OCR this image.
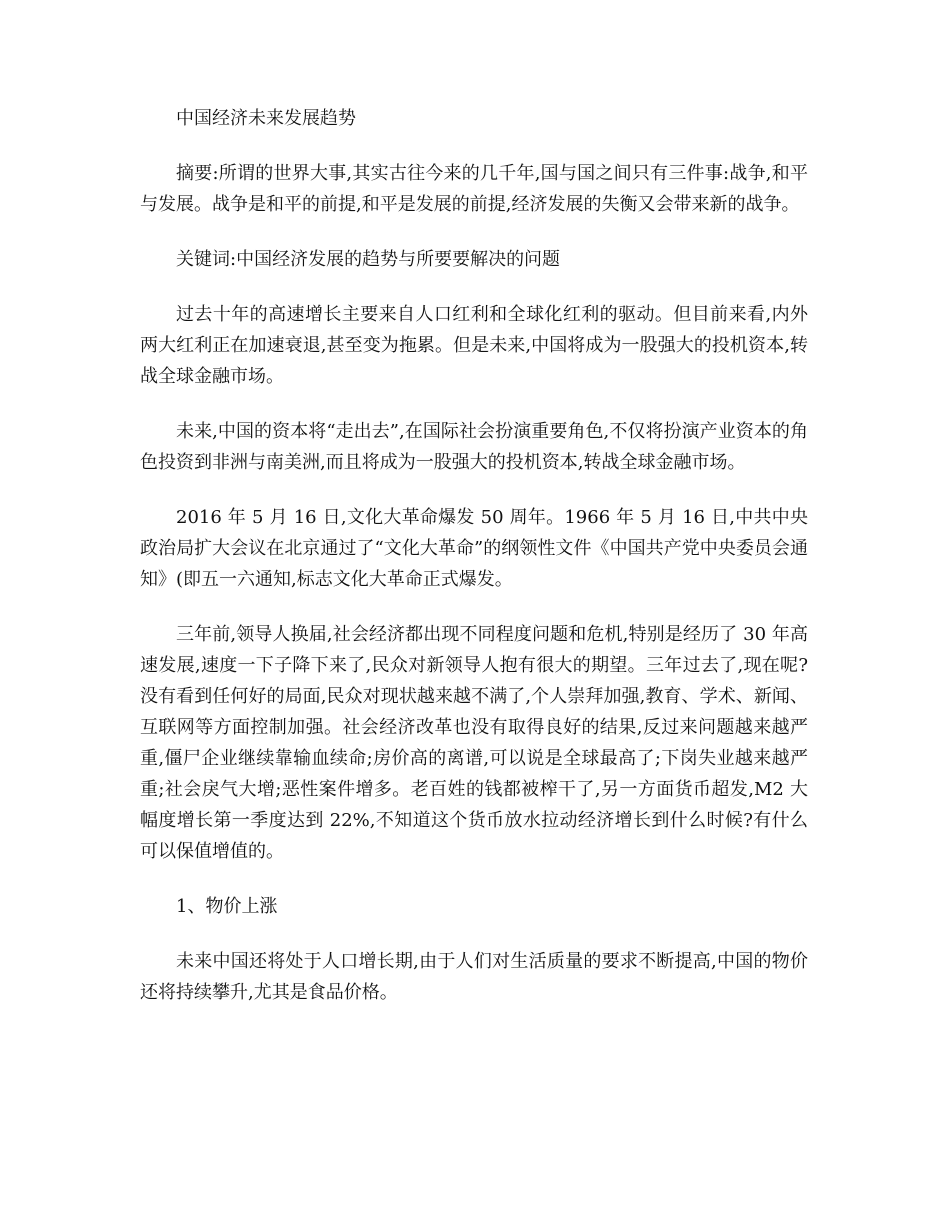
中国经济未来发展趋势

摘要:所谓的世界大事,其实古往今来的几千年,国与国之间只有三件事:战争,和平与发展。战争是和平的前提,和平是发展的前提,经济发展的失衡又会带来新的战争。

关键词:中国经济发展的趋势与所要要解决的问题

过去十年的高速增长主要来自人口红利和全球化红利的驱动。但目前来看,内外两大红利正在加速衰退,甚至变为拖累。但是未来,中国将成为一股强大的投机资本,转战全球金融市场。

未来,中国的资本将“走出去”,在国际社会扮演重要角色,不仅将扮演产业资本的角色投资到非洲与南美洲,而且将成为一股强大的投机资本,转战全球金融市场。

2016 年 5 月 16 日,文化大革命爆发 50 周年。1966 年 5 月 16 日,中共中央政治局扩大会议在北京通过了“文化大革命”的纲领性文件《中国共产党中央委员会通知》(即五一六通知,标志文化大革命正式爆发。

三年前,领导人换届,社会经济都出现不同程度问题和危机,特别是经历了 30 年高速发展,速度一下子降下来了,民众对新领导人抱有很大的期望。三年过去了,现在呢?没有看到任何好的局面,民众对现状越来越不满了,个人崇拜加强,教育、学术、新闻、互联网等方面控制加强。社会经济改革也没有取得良好的结果,反过来问题越来越严重,僵尸企业继续靠输血续命;房价高的离谱,可以说是全球最高了;下岗失业越来越严重;社会戾气大增;恶性案件增多。老百姓的钱都被榨干了,另一方面货币超发,M2 大幅度增长第一季度达到 22%,不知道这个货币放水拉动经济增长到什么时候?有什么可以保值增值的。

1、物价上涨

未来中国还将处于人口增长期,由于人们对生活质量的要求不断提高,中国的物价还将持续攀升,尤其是食品价格。
